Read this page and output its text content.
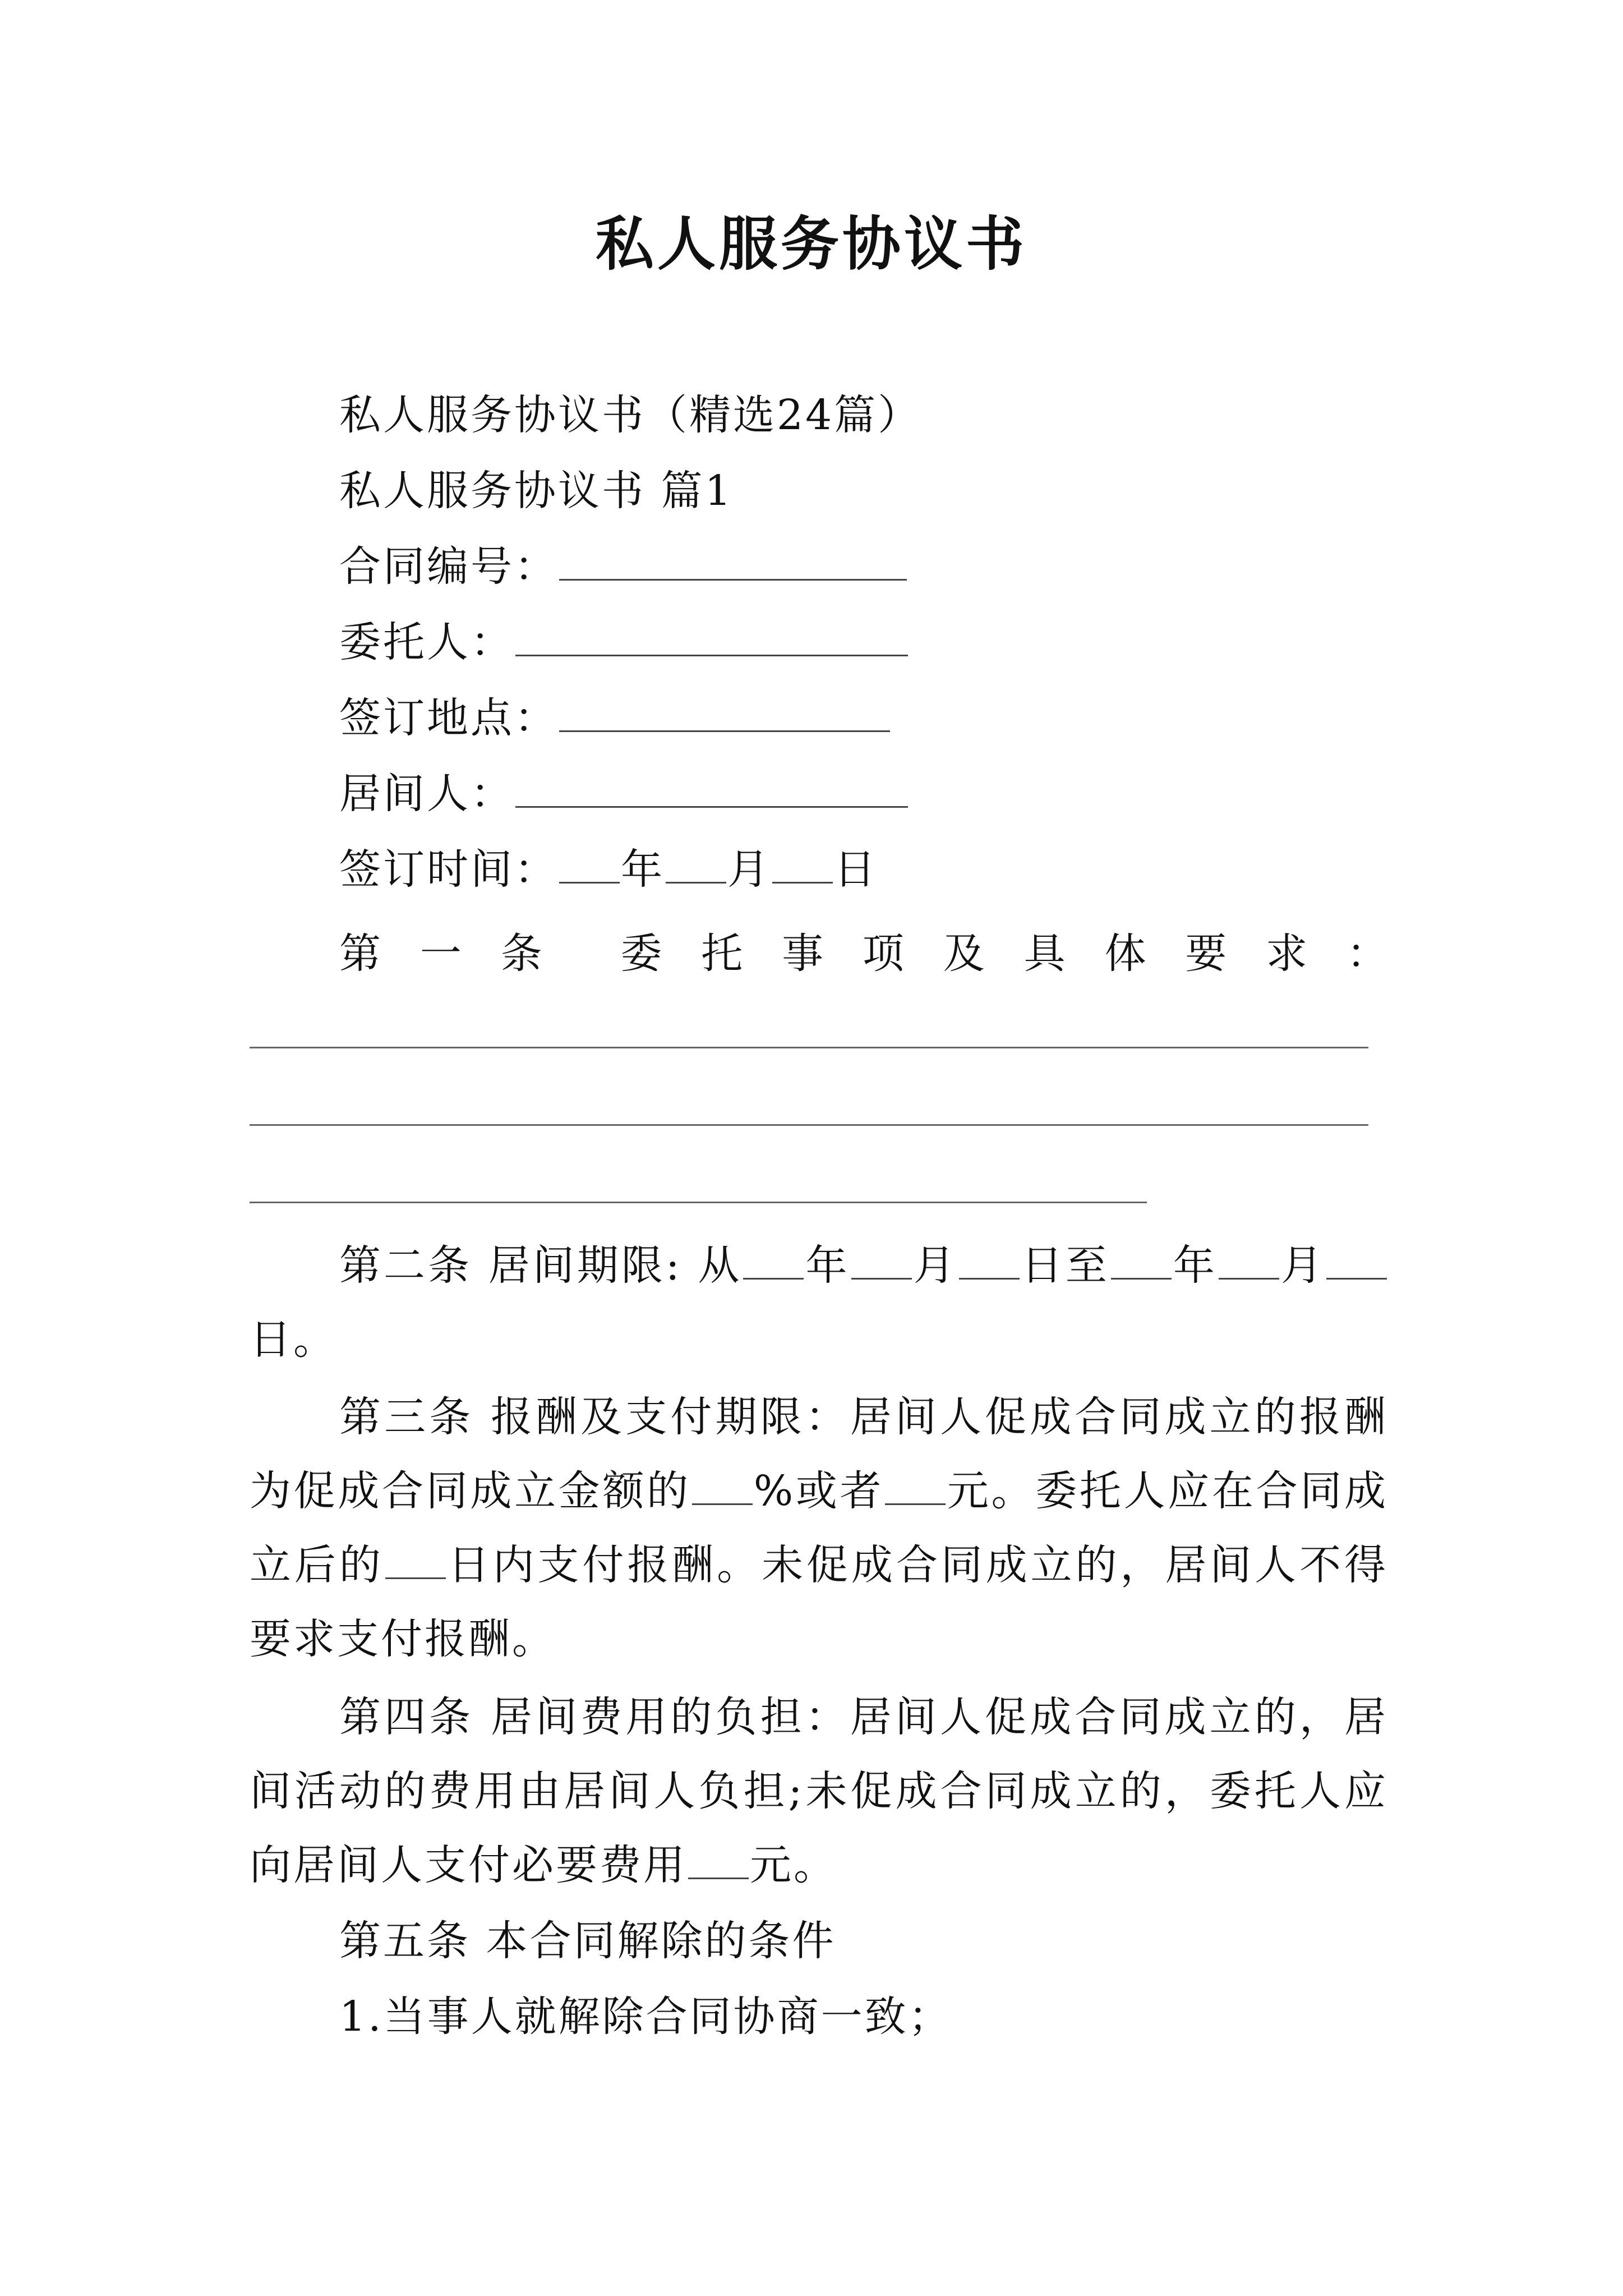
私人服务协议书
私人服务协议书（精选24篇）
私人服务协议书 篇1
合同编号：
委托人：
签订地点：
居间人：
签订时间： 年 月 日
第 一 条 委 托 事 项 及 具 体 要 求 ：
第二条 居间期限: 从 年 月 日至 年 月日。
第三条 报酬及支付期限：居间人促成合同成立的报酬为促成合同成立金额的 %或者 元。委托人应在合同成立后的 日内支付报酬。未促成合同成立的，居间人不得要求支付报酬。
第四条 居间费用的负担：居间人促成合同成立的，居间活动的费用由居间人负担;未促成合同成立的，委托人应向居间人支付必要费用 元。
第五条 本合同解除的条件
1.当事人就解除合同协商一致；
